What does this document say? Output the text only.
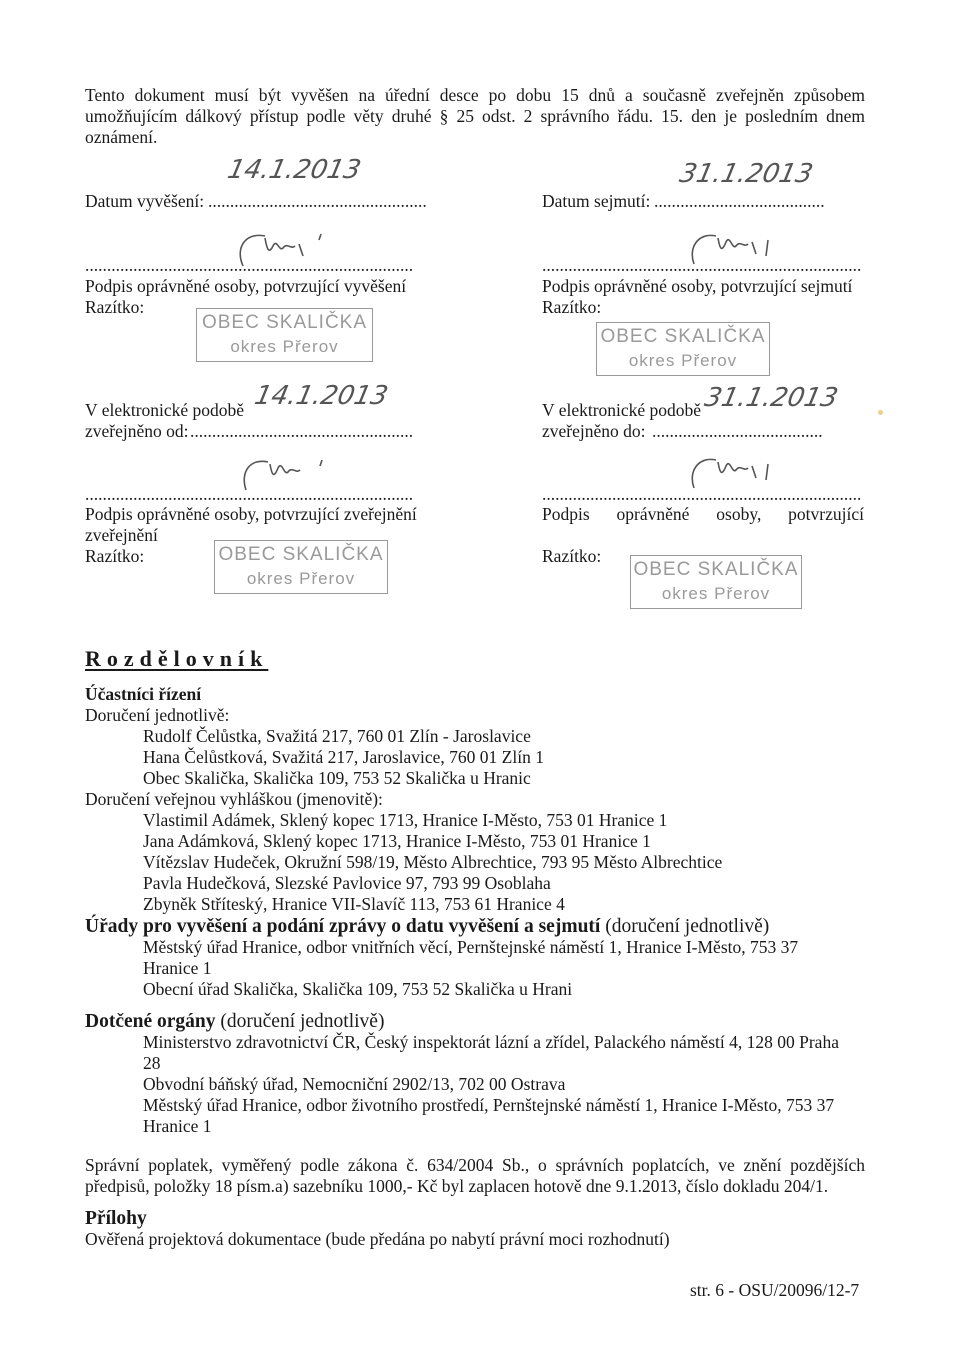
Tento dokument musí být vyvěšen na úřední desce po dobu 15 dnů a současně zveřejněn způsobem umožňujícím dálkový přístup podle věty druhé § 25 odst. 2 správního řádu. 15. den je posledním dnem oznámení.
Datum vyvěšení: ..................................................
14.1.2013
...........................................................................
Podpis oprávněné osoby, potvrzující vyvěšení
Razítko:
OBEC SKALIČKA
okres Přerov
Datum sejmutí: .......................................
31.1.2013
.........................................................................
Podpis oprávněné osoby, potvrzující sejmutí
Razítko:
OBEC SKALIČKA
okres Přerov
V elektronické podobě
zveřejněno od: ...................................................
14.1.2013
...........................................................................
Podpis oprávněné osoby, potvrzující zveřejnění
zveřejnění
Razítko:	OBEC SKALIČKA
okres Přerov
V elektronické podobě
zveřejněno do: .......................................
31.1.2013
.........................................................................
Podpis oprávněné osoby, potvrzující
Razítko:
OBEC SKALIČKA
okres Přerov
Rozdělovník

Účastníci řízení

Doručení jednotlivě:

Rudolf Čelůstka, Svažitá 217, 760 01 Zlín - Jaroslavice

Hana Čelůstková, Svažitá 217, Jaroslavice, 760 01 Zlín 1

Obec Skalička, Skalička 109, 753 52 Skalička u Hranic

Doručení veřejnou vyhláškou (jmenovitě):

Vlastimil Adámek, Sklený kopec 1713, Hranice I-Město, 753 01 Hranice 1

Jana Adámková, Sklený kopec 1713, Hranice I-Město, 753 01 Hranice 1

Vítězslav Hudeček, Okružní 598/19, Město Albrechtice, 793 95 Město Albrechtice

Pavla Hudečková, Slezské Pavlovice 97, 793 99 Osoblaha

Zbyněk Stříteský, Hranice VII-Slavíč 113, 753 61 Hranice 4

Úřady pro vyvěšení a podání zprávy o datu vyvěšení a sejmutí (doručení jednotlivě)

Městský úřad Hranice, odbor vnitřních věcí, Pernštejnské náměstí 1, Hranice I-Město, 753 37

Hranice 1

Obecní úřad Skalička, Skalička 109, 753 52 Skalička u Hrani

Dotčené orgány (doručení jednotlivě)

Ministerstvo zdravotnictví ČR, Český inspektorát lázní a zřídel, Palackého náměstí 4, 128 00 Praha

28

Obvodní báňský úřad, Nemocniční 2902/13, 702 00 Ostrava

Městský úřad Hranice, odbor životního prostředí, Pernštejnské náměstí 1, Hranice I-Město, 753 37

Hranice 1

Správní poplatek, vyměřený podle zákona č. 634/2004 Sb., o správních poplatcích, ve znění pozdějších předpisů, položky 18 písm.a) sazebníku 1000,- Kč byl zaplacen hotově dne 9.1.2013, číslo dokladu 204/1.

Přílohy

Ověřená projektová dokumentace (bude předána po nabytí právní moci rozhodnutí)

str. 6 - OSU/20096/12-7
